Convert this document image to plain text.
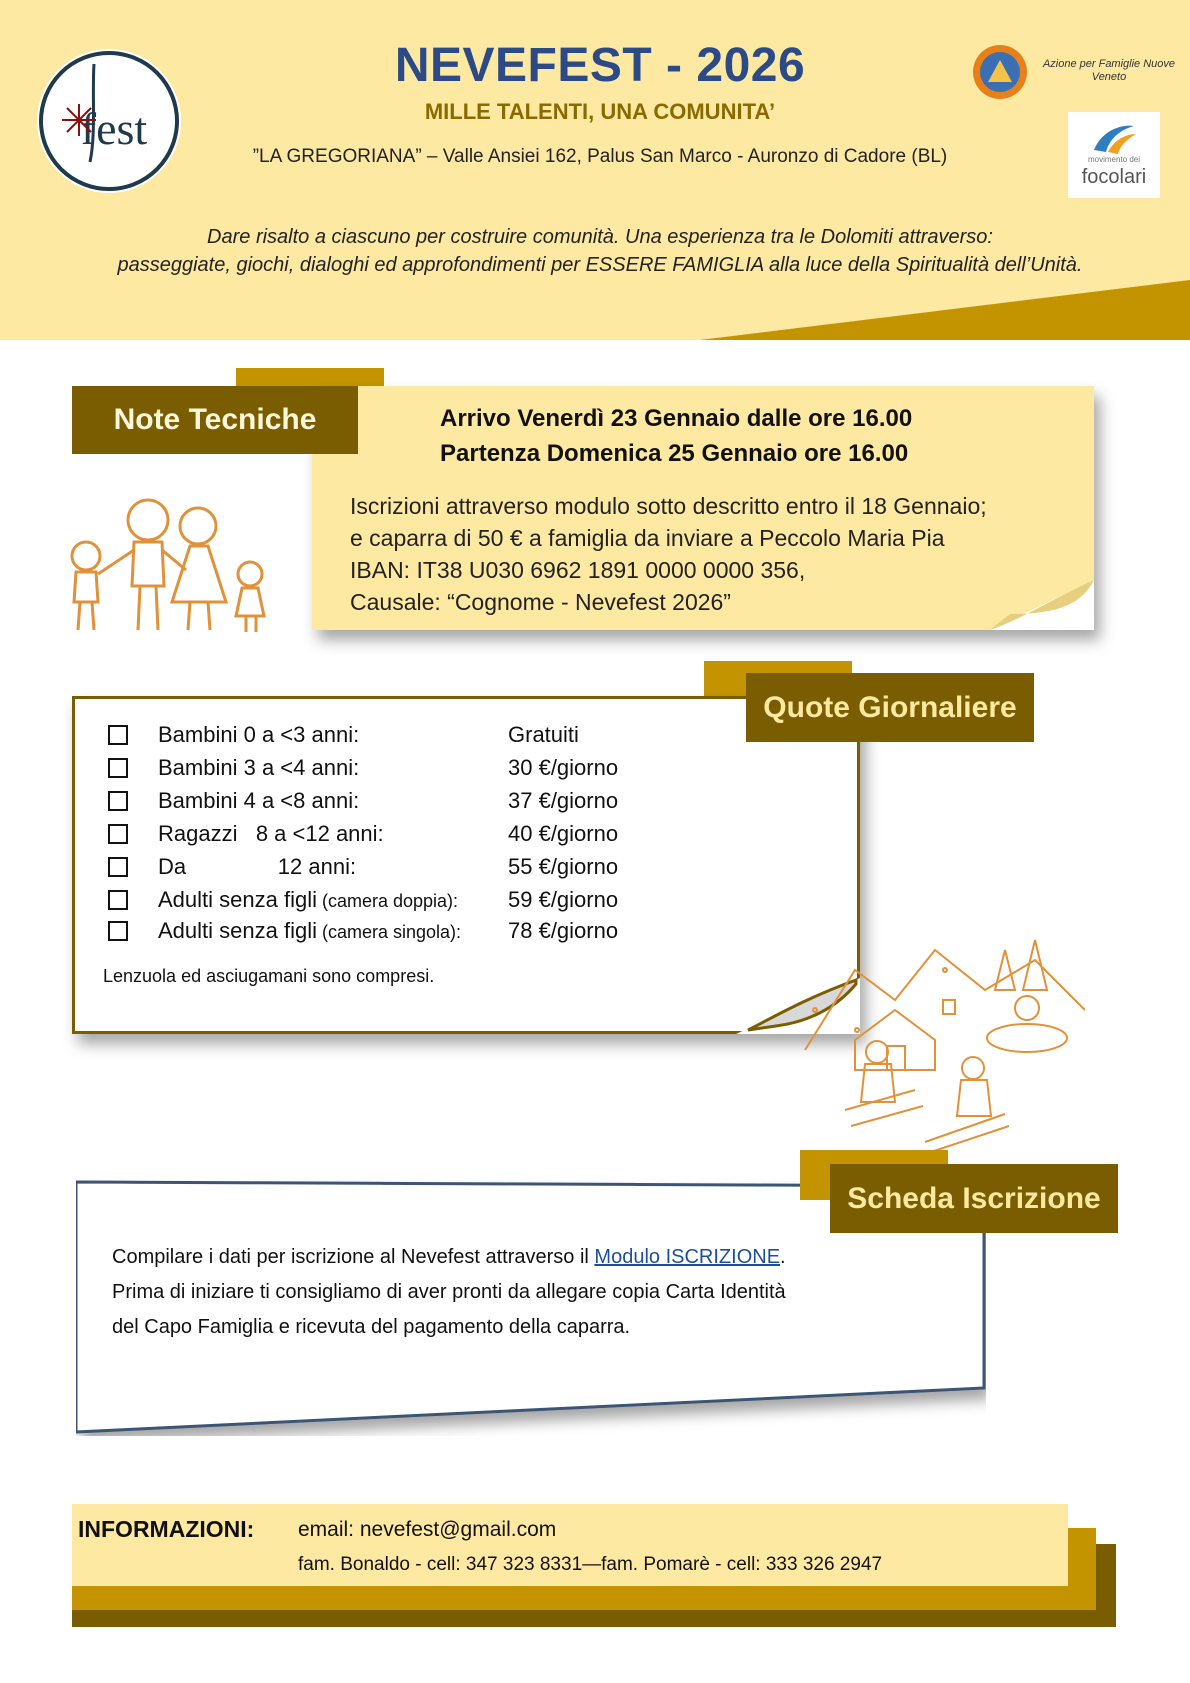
fest
NEVEFEST - 2026
MILLE TALENTI, UNA COMUNITA’
”LA GREGORIANA” – Valle Ansiei 162, Palus San Marco - Auronzo di Cadore (BL)
Dare risalto a ciascuno per costruire comunità. Una esperienza tra le Dolomiti attraverso:
passeggiate, giochi, dialoghi ed approfondimenti per ESSERE FAMIGLIA alla luce della Spiritualità dell’Unità.
Azione per Famiglie Nuove
Veneto
movimento dei
focolari
Note Tecniche	Arrivo Venerdì 23 Gennaio dalle ore 16.00
Partenza Domenica 25 Gennaio ore 16.00
Iscrizioni attraverso modulo sotto descritto entro il 18 Gennaio;
e caparra di 50 € a famiglia da inviare a Peccolo Maria Pia
IBAN: IT38 U030 6962 1891 0000 0000 356,
Causale: “Cognome - Nevefest 2026”
Quote Giornaliere
Bambini 0 a <3 anni:	Gratuiti
Bambini 3 a <4 anni:	30 €/giorno
Bambini 4 a <8 anni:	37 €/giorno
Ragazzi   8 a <12 anni:	40 €/giorno
Da               12 anni:	55 €/giorno
Adulti senza figli (camera doppia):	59 €/giorno
Adulti senza figli (camera singola):	78 €/giorno
Lenzuola ed asciugamani sono compresi.
Scheda Iscrizione
Compilare i dati per iscrizione al Nevefest attraverso il Modulo ISCRIZIONE.
Prima di iniziare ti consigliamo di aver pronti da allegare copia Carta Identità
del Capo Famiglia e ricevuta del pagamento della caparra.
INFORMAZIONI: email: nevefest@gmail.com
fam. Bonaldo - cell: 347 323 8331—fam. Pomarè - cell: 333 326 2947
